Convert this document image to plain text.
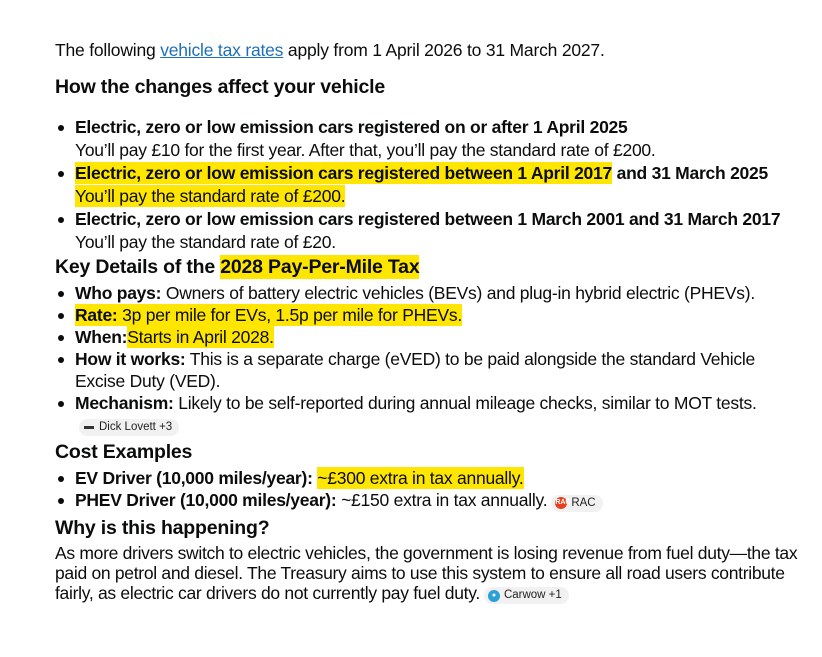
The following vehicle tax rates apply from 1 April 2026 to 31 March 2027.

How the changes affect your vehicle
Electric, zero or low emission cars registered on or after 1 April 2025
You’ll pay £10 for the first year. After that, you’ll pay the standard rate of £200.
Electric, zero or low emission cars registered between 1 April 2017 and 31 March 2025
You’ll pay the standard rate of £200.
Electric, zero or low emission cars registered between 1 March 2001 and 31 March 2017
You’ll pay the standard rate of £20.
Key Details of the 2028 Pay-Per-Mile Tax
Who pays: Owners of battery electric vehicles (BEVs) and plug-in hybrid electric (PHEVs).
Rate: 3p per mile for EVs, 1.5p per mile for PHEVs.
When:Starts in April 2028.
How it works: This is a separate charge (eVED) to be paid alongside the standard Vehicle Excise Duty (VED).
Mechanism: Likely to be self-reported during annual mileage checks, similar to MOT tests.
▬ Dick Lovett +3
Cost Examples
EV Driver (10,000 miles/year): ~£300 extra in tax annually.
PHEV Driver (10,000 miles/year): ~£150 extra in tax annually. RAC RAC
Why is this happening?

As more drivers switch to electric vehicles, the government is losing revenue from fuel duty—the tax paid on petrol and diesel. The Treasury aims to use this system to ensure all road users contribute fairly, as electric car drivers do not currently pay fuel duty.	● Carwow +1
